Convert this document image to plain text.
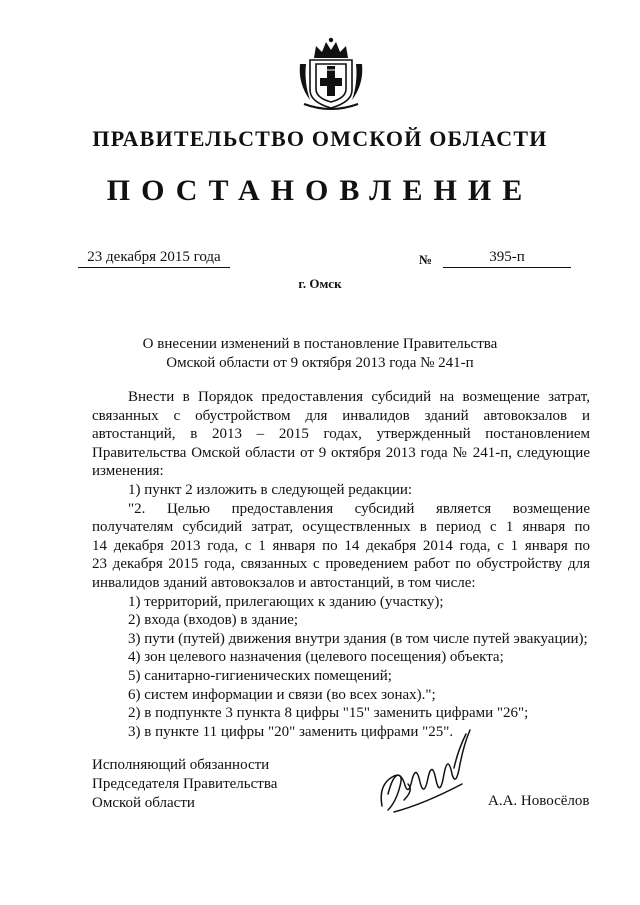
ПРАВИТЕЛЬСТВО ОМСКОЙ ОБЛАСТИ
ПОСТАНОВЛЕНИЕ
23 декабря 2015 года	№	395-п
г. Омск
О внесении изменений в постановление Правительства
Омской области от 9 октября 2013 года № 241-п
Внести в Порядок предоставления субсидий на возмещение затрат,
связанных с обустройством для инвалидов зданий автовокзалов и
автостанций, в 2013 – 2015 годах, утвержденный постановлением
Правительства Омской области от 9 октября 2013 года № 241-п, следующие
изменения:
1) пункт 2 изложить в следующей редакции:
"2. Целью предоставления субсидий является возмещение
получателям субсидий затрат, осуществленных в период с 1 января по
14 декабря 2013 года, с 1 января по 14 декабря 2014 года, с 1 января по
23 декабря 2015 года, связанных с проведением работ по обустройству для
инвалидов зданий автовокзалов и автостанций, в том числе:
1) территорий, прилегающих к зданию (участку);
2) входа (входов) в здание;
3) пути (путей) движения внутри здания (в том числе путей эвакуации);
4) зон целевого назначения (целевого посещения) объекта;
5) санитарно-гигиенических помещений;
6) систем информации и связи (во всех зонах).";
2) в подпункте 3 пункта 8 цифры "15" заменить цифрами "26";
3) в пункте 11 цифры "20" заменить цифрами "25".
Исполняющий обязанности
Председателя Правительства
Омской области	А.А. Новосёлов
